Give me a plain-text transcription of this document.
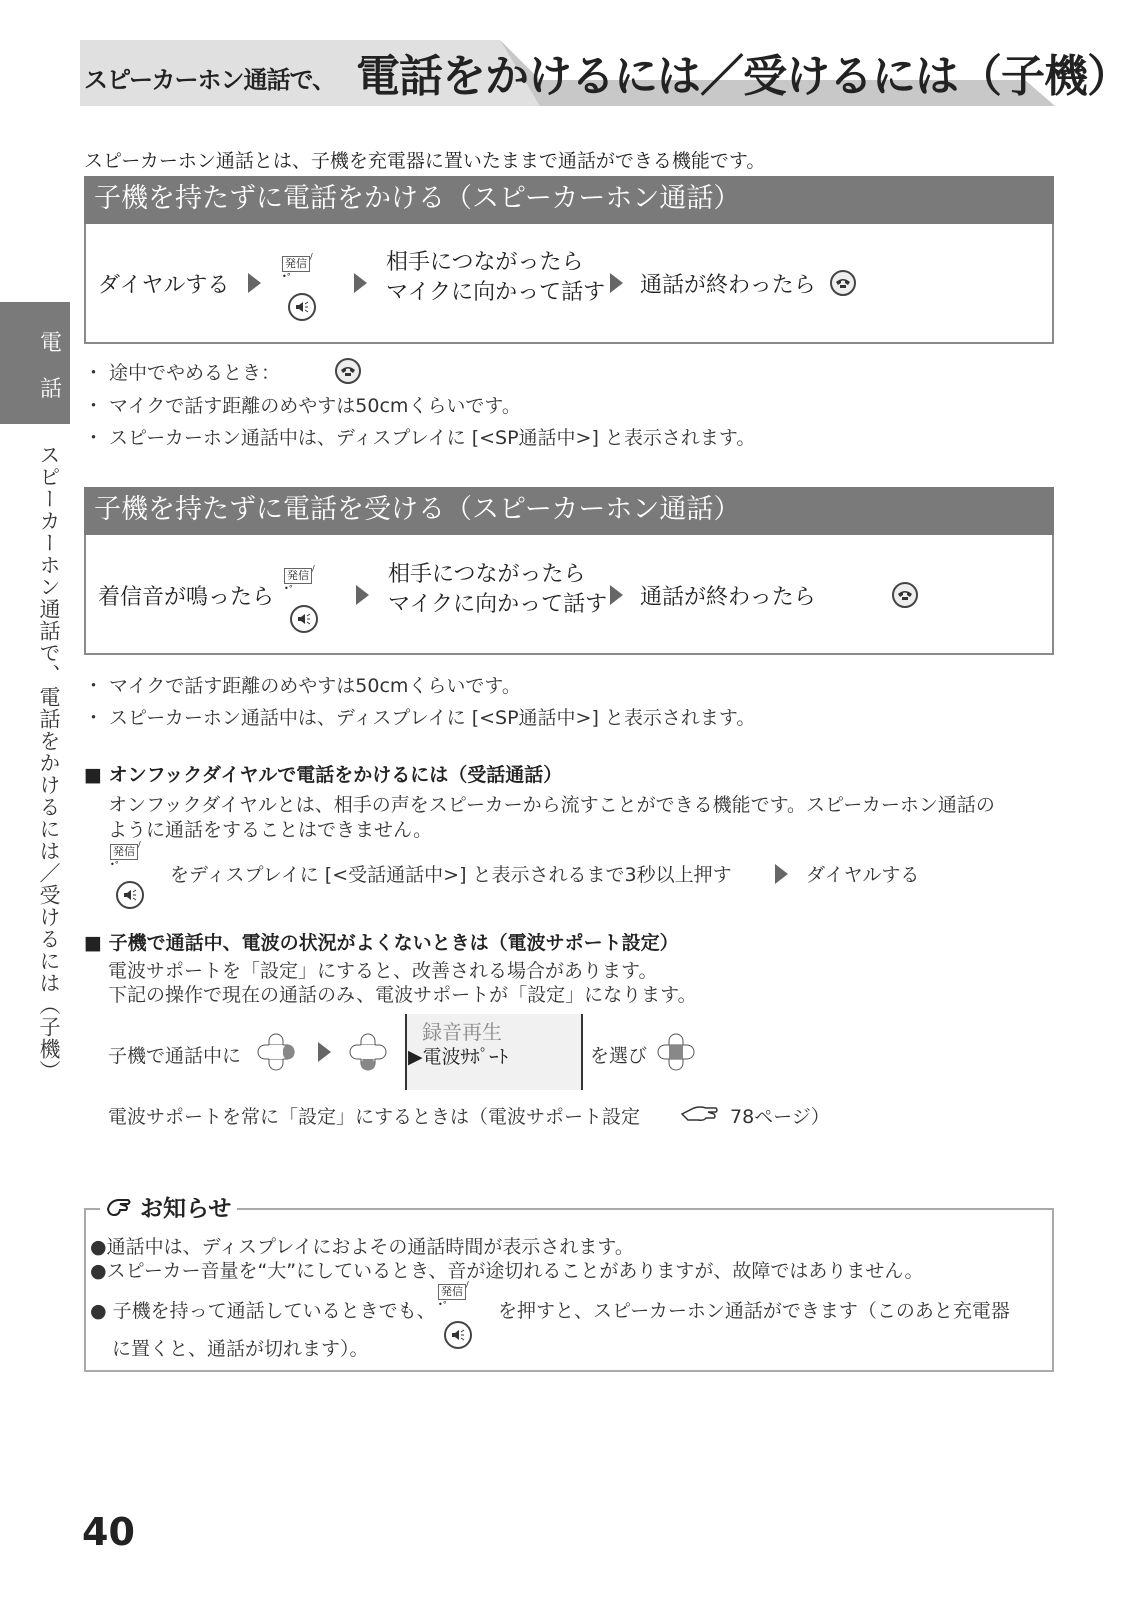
スピーカーホン通話で、 電話をかけるには／受けるには（子機）
スピーカーホン通話とは、子機を充電器に置いたままで通話ができる機能です。
子機を持たずに電話をかける（スピーカーホン通話）
ダイヤルする
発信/•°
相手につながったら
マイクに向かって話す 通話が終わったら

・ 途中でやめるとき：

・ マイクで話す距離のめやすは50cmくらいです。
・ スピーカーホン通話中は、ディスプレイに [<SP通話中>] と表示されます。
子機を持たずに電話を受ける（スピーカーホン通話）
着信音が鳴ったら
発信/•°
相手につながったら
マイクに向かって話す 通話が終わったら
・ マイクで話す距離のめやすは50cmくらいです。
・ スピーカーホン通話中は、ディスプレイに [<SP通話中>] と表示されます。
電
話
スピーカーホン通話で、電話をかけるには／受けるには（子機） ■ オンフックダイヤルで電話をかけるには（受話通話）
オンフックダイヤルとは、相手の声をスピーカーから流すことができる機能です。スピーカーホン通話の
ように通話をすることはできません。
発信/•°	をディスプレイに [<受話通話中>] と表示されるまで3秒以上押す	ダイヤルする
■ 子機で通話中、電波の状況がよくないときは（電波サポート設定）
電波サポートを「設定」にすると、改善される場合があります。
下記の操作で現在の通話のみ、電波サポートが「設定」になります。
子機で通話中に
録音再生
▶電波ｻﾎﾟｰﾄ	を選び
電波サポートを常に「設定」にするときは（電波サポート設定	78ページ）
お知らせ
●通話中は、ディスプレイにおよその通話時間が表示されます。
●スピーカー音量を“大”にしているとき、音が途切れることがありますが、故障ではありません。
● 子機を持って通話しているときでも、
発信/•°	を押すと、スピーカーホン通話ができます（このあと充電器
に置くと、通話が切れます）。
40
